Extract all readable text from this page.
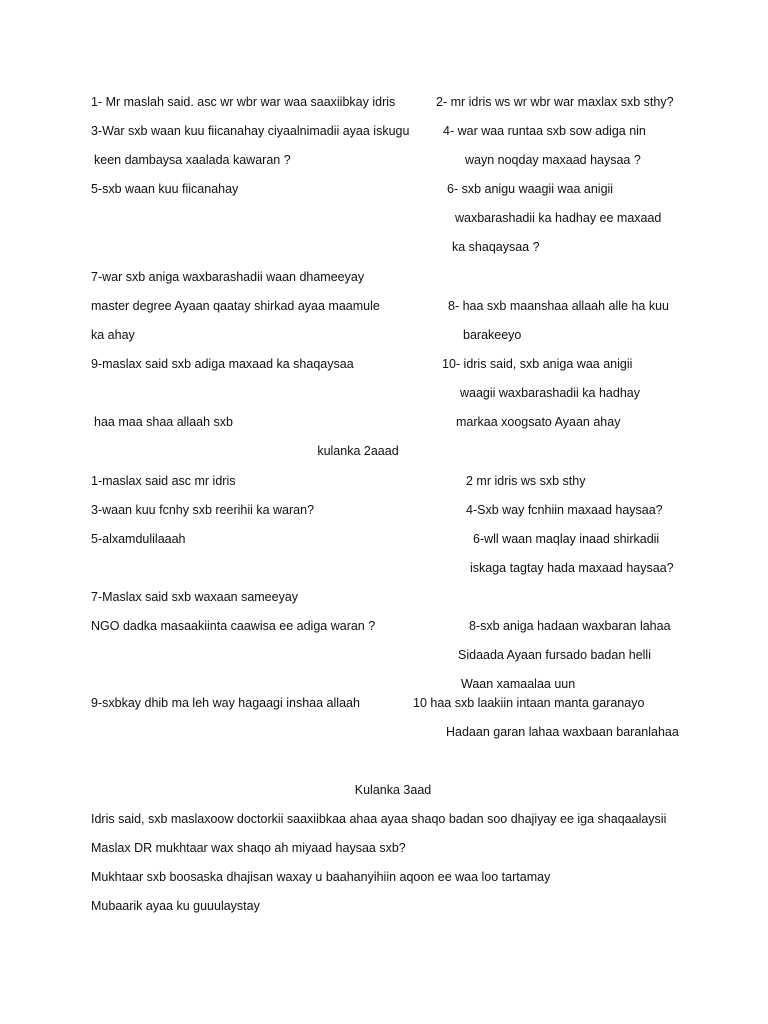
1- Mr maslah said. asc wr wbr war waa saaxiibkay idris	2- mr idris ws wr wbr war maxlax sxb sthy?
3-War sxb waan kuu fiicanahay ciyaalnimadii ayaa iskugu	4- war waa runtaa sxb sow adiga nin
keen dambaysa xaalada kawaran ?	wayn noqday maxaad haysaa ?
5-sxb waan kuu fiicanahay	6- sxb anigu waagii waa anigii
waxbarashadii ka hadhay ee maxaad
ka shaqaysaa ?
7-war sxb aniga waxbarashadii waan dhameeyay
master degree Ayaan qaatay shirkad ayaa maamule	8- haa sxb maanshaa allaah alle ha kuu
ka ahay	barakeeyo
9-maslax said sxb adiga maxaad ka shaqaysaa	10- idris said, sxb aniga waa anigii
waagii waxbarashadii ka hadhay
haa maa shaa allaah sxb	markaa xoogsato Ayaan ahay
kulanka 2aaad
1-maslax said asc mr idris	2 mr idris ws sxb sthy
3-waan kuu fcnhy sxb reerihii ka waran?	4-Sxb way fcnhiin maxaad haysaa?
5-alxamdulilaaah	6-wll waan maqlay inaad shirkadii
iskaga tagtay hada maxaad haysaa?
7-Maslax said sxb waxaan sameeyay
NGO dadka masaakiinta caawisa ee adiga waran ?	8-sxb aniga hadaan waxbaran lahaa
Sidaada Ayaan fursado badan helli
Waan xamaalaa uun
9-sxbkay dhib ma leh way hagaagi inshaa allaah	10 haa sxb laakiin intaan manta garanayo
Hadaan garan lahaa waxbaan baranlahaa
Kulanka 3aad
Idris said, sxb maslaxoow doctorkii saaxiibkaa ahaa ayaa shaqo badan soo dhajiyay ee iga shaqaalaysii
Maslax DR mukhtaar wax shaqo ah miyaad haysaa sxb?
Mukhtaar sxb boosaska dhajisan waxay u baahanyihiin aqoon ee waa loo tartamay
Mubaarik ayaa ku guuulaystay
